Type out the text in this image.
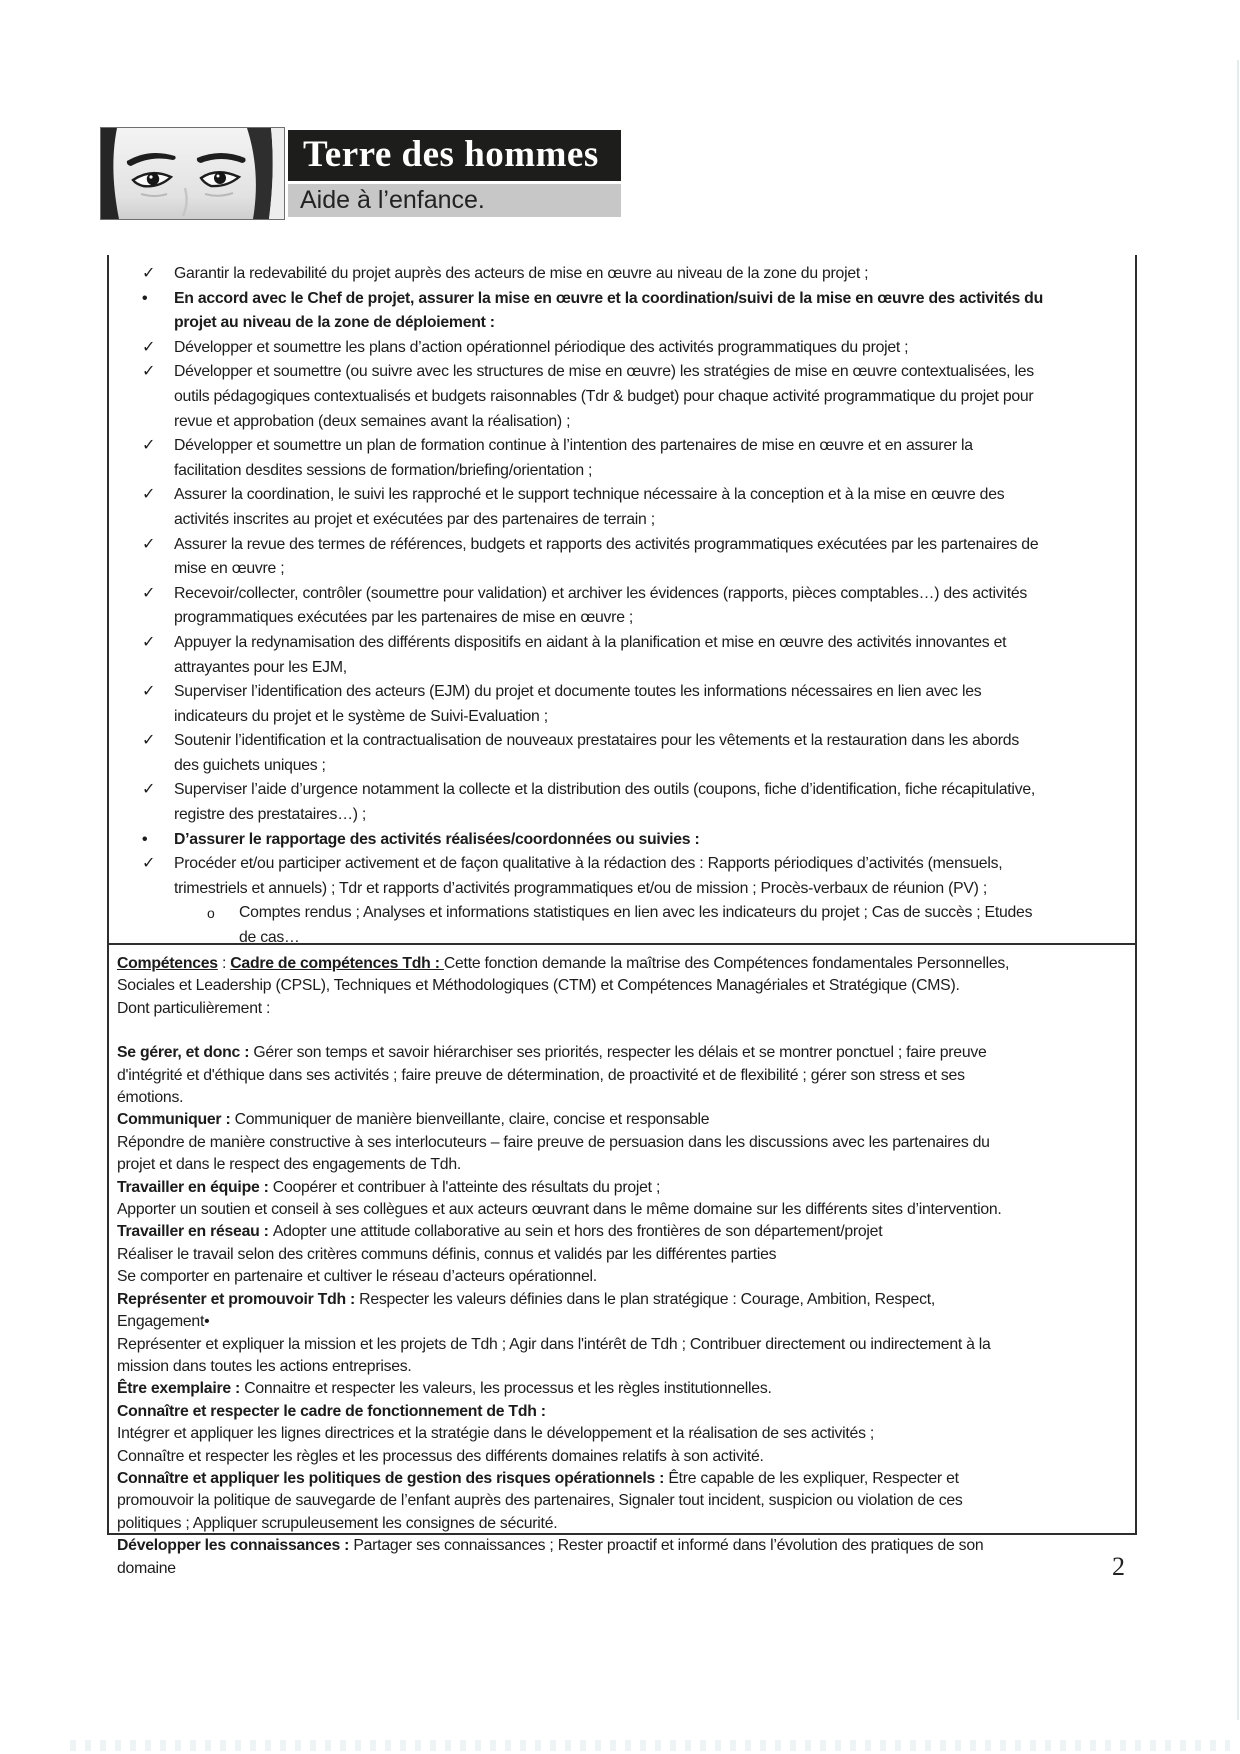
Terre des hommes
Aide à l’enfance.
✓	Garantir la redevabilité du projet auprès des acteurs de mise en œuvre au niveau de la zone du projet ;
•	En accord avec le Chef de projet, assurer la mise en œuvre et la coordination/suivi de la mise en œuvre des activités du projet au niveau de la zone de déploiement :
✓	Développer et soumettre les plans d’action opérationnel périodique des activités programmatiques du projet ;
✓	Développer et soumettre (ou suivre avec les structures de mise en œuvre) les stratégies de mise en œuvre contextualisées, les outils pédagogiques contextualisés et budgets raisonnables (Tdr & budget) pour chaque activité programmatique du projet pour revue et approbation (deux semaines avant la réalisation) ;
✓	Développer et soumettre un plan de formation continue à l’intention des partenaires de mise en œuvre et en assurer la facilitation desdites sessions de formation/briefing/orientation ;
✓	Assurer la coordination, le suivi les rapproché et le support technique nécessaire à la conception et à la mise en œuvre des activités inscrites au projet et exécutées par des partenaires de terrain ;
✓	Assurer la revue des termes de références, budgets et rapports des activités programmatiques exécutées par les partenaires de mise en œuvre ;
✓	Recevoir/collecter, contrôler (soumettre pour validation) et archiver les évidences (rapports, pièces comptables…) des activités programmatiques exécutées par les partenaires de mise en œuvre ;
✓	Appuyer la redynamisation des différents dispositifs en aidant à la planification et mise en œuvre des activités innovantes et attrayantes pour les EJM,
✓	Superviser l’identification des acteurs (EJM) du projet et documente toutes les informations nécessaires en lien avec les indicateurs du projet et le système de Suivi-Evaluation ;
✓	Soutenir l’identification et la contractualisation de nouveaux prestataires pour les vêtements et la restauration dans les abords des guichets uniques ;
✓	Superviser l’aide d’urgence notamment la collecte et la distribution des outils (coupons, fiche d’identification, fiche récapitulative, registre des prestataires…) ;
•	D’assurer le rapportage des activités réalisées/coordonnées ou suivies :
✓	Procéder et/ou participer activement et de façon qualitative à la rédaction des : Rapports périodiques d’activités (mensuels, trimestriels et annuels) ; Tdr et rapports d’activités programmatiques et/ou de mission ; Procès-verbaux de réunion (PV) ;
o	Comptes rendus ; Analyses et informations statistiques en lien avec les indicateurs du projet ; Cas de succès ; Etudes de cas…
Compétences : Cadre de compétences Tdh : Cette fonction demande la maîtrise des Compétences fondamentales Personnelles, Sociales et Leadership (CPSL), Techniques et Méthodologiques (CTM) et Compétences Managériales et Stratégique (CMS).
Dont particulièrement :
Se gérer, et donc : Gérer son temps et savoir hiérarchiser ses priorités, respecter les délais et se montrer ponctuel ; faire preuve d'intégrité et d'éthique dans ses activités ; faire preuve de détermination, de proactivité et de flexibilité ; gérer son stress et ses émotions.
Communiquer : Communiquer de manière bienveillante, claire, concise et responsable
Répondre de manière constructive à ses interlocuteurs – faire preuve de persuasion dans les discussions avec les partenaires du projet et dans le respect des engagements de Tdh.
Travailler en équipe : Coopérer et contribuer à l'atteinte des résultats du projet ;
Apporter un soutien et conseil à ses collègues et aux acteurs œuvrant dans le même domaine sur les différents sites d’intervention.
Travailler en réseau : Adopter une attitude collaborative au sein et hors des frontières de son département/projet
Réaliser le travail selon des critères communs définis, connus et validés par les différentes parties
Se comporter en partenaire et cultiver le réseau d’acteurs opérationnel.
Représenter et promouvoir Tdh : Respecter les valeurs définies dans le plan stratégique : Courage, Ambition, Respect, Engagement•
Représenter et expliquer la mission et les projets de Tdh ; Agir dans l'intérêt de Tdh ; Contribuer directement ou indirectement à la mission dans toutes les actions entreprises.
Être exemplaire : Connaitre et respecter les valeurs, les processus et les règles institutionnelles.
Connaître et respecter le cadre de fonctionnement de Tdh :
Intégrer et appliquer les lignes directrices et la stratégie dans le développement et la réalisation de ses activités ;
Connaître et respecter les règles et les processus des différents domaines relatifs à son activité.
Connaître et appliquer les politiques de gestion des risques opérationnels : Être capable de les expliquer, Respecter et promouvoir la politique de sauvegarde de l’enfant auprès des partenaires, Signaler tout incident, suspicion ou violation de ces politiques ; Appliquer scrupuleusement les consignes de sécurité.
Développer les connaissances : Partager ses connaissances ; Rester proactif et informé dans l’évolution des pratiques de son domaine	2
